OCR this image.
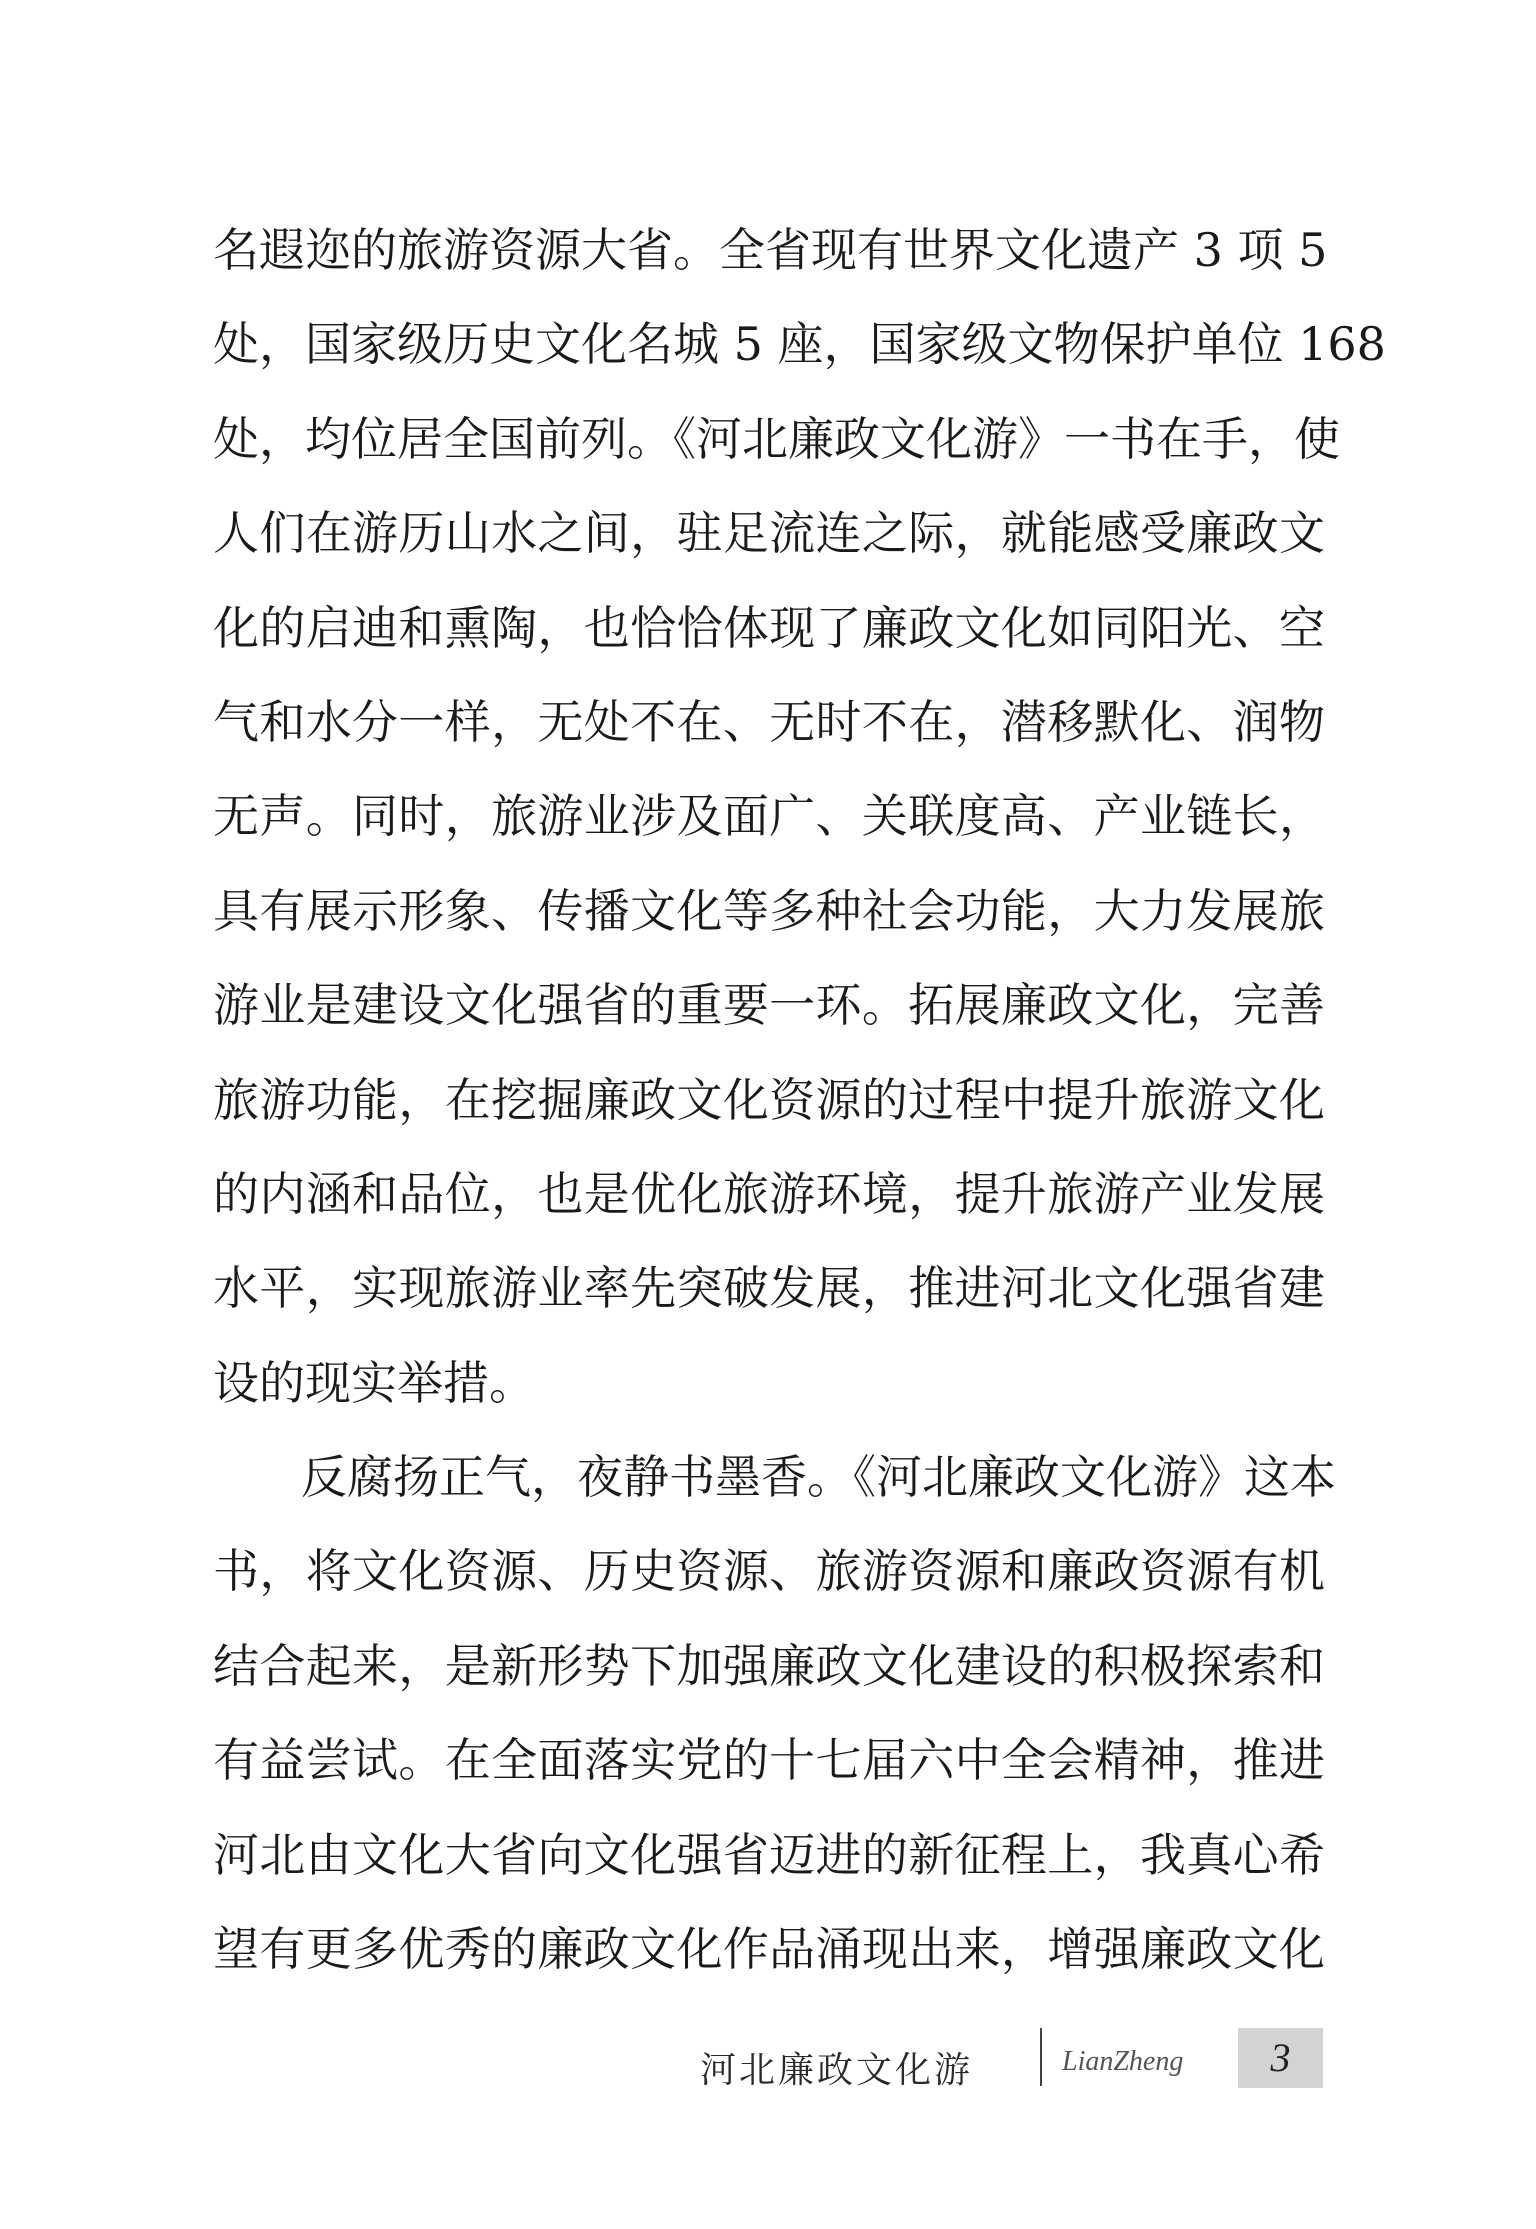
名遐迩的旅游资源大省。全省现有世界文化遗产 3 项 5
处，国家级历史文化名城 5 座，国家级文物保护单位 168
处，均位居全国前列。《河北廉政文化游》一书在手，使
人们在游历山水之间，驻足流连之际，就能感受廉政文
化的启迪和熏陶，也恰恰体现了廉政文化如同阳光、空
气和水分一样，无处不在、无时不在，潜移默化、润物
无声。同时，旅游业涉及面广、关联度高、产业链长，
具有展示形象、传播文化等多种社会功能，大力发展旅
游业是建设文化强省的重要一环。拓展廉政文化，完善
旅游功能，在挖掘廉政文化资源的过程中提升旅游文化
的内涵和品位，也是优化旅游环境，提升旅游产业发展
水平，实现旅游业率先突破发展，推进河北文化强省建
设的现实举措。
反腐扬正气，夜静书墨香。《河北廉政文化游》这本
书，将文化资源、历史资源、旅游资源和廉政资源有机
结合起来，是新形势下加强廉政文化建设的积极探索和
有益尝试。在全面落实党的十七届六中全会精神，推进
河北由文化大省向文化强省迈进的新征程上，我真心希
望有更多优秀的廉政文化作品涌现出来，增强廉政文化
河北廉政文化游	LianZheng	3
